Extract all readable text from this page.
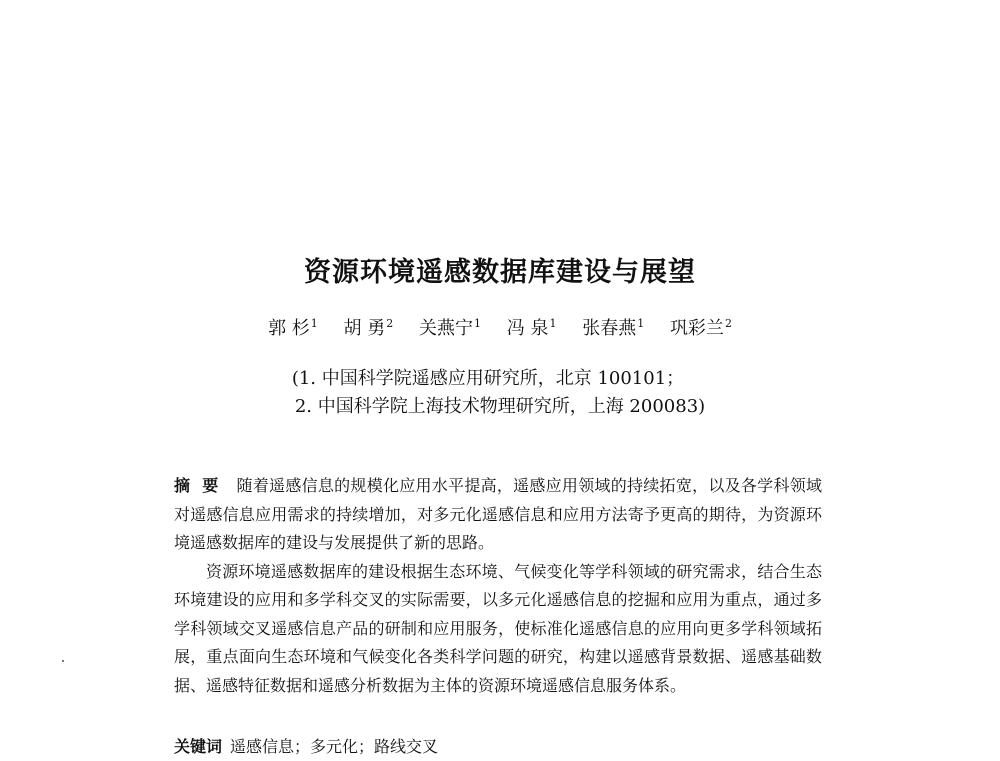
资源环境遥感数据库建设与展望
郭 杉$^1$ 胡 勇$^2$ 关燕宁$^1$ 冯 泉$^1$ 张春燕$^1$ 巩彩兰$^2$
(1. 中国科学院遥感应用研究所，北京 100101；
2. 中国科学院上海技术物理研究所，上海 200083)

摘要 随着遥感信息的规模化应用水平提高，遥感应用领域的持续拓宽，以及各学科领域对遥感信息应用需求的持续增加，对多元化遥感信息和应用方法寄予更高的期待，为资源环境遥感数据库的建设与发展提供了新的思路。

资源环境遥感数据库的建设根据生态环境、气候变化等学科领域的研究需求，结合生态环境建设的应用和多学科交叉的实际需要，以多元化遥感信息的挖掘和应用为重点，通过多学科领域交叉遥感信息产品的研制和应用服务，使标准化遥感信息的应用向更多学科领域拓展，重点面向生态环境和气候变化各类科学问题的研究，构建以遥感背景数据、遥感基础数据、遥感特征数据和遥感分析数据为主体的资源环境遥感信息服务体系。

关键词 遥感信息；多元化；路线交叉
